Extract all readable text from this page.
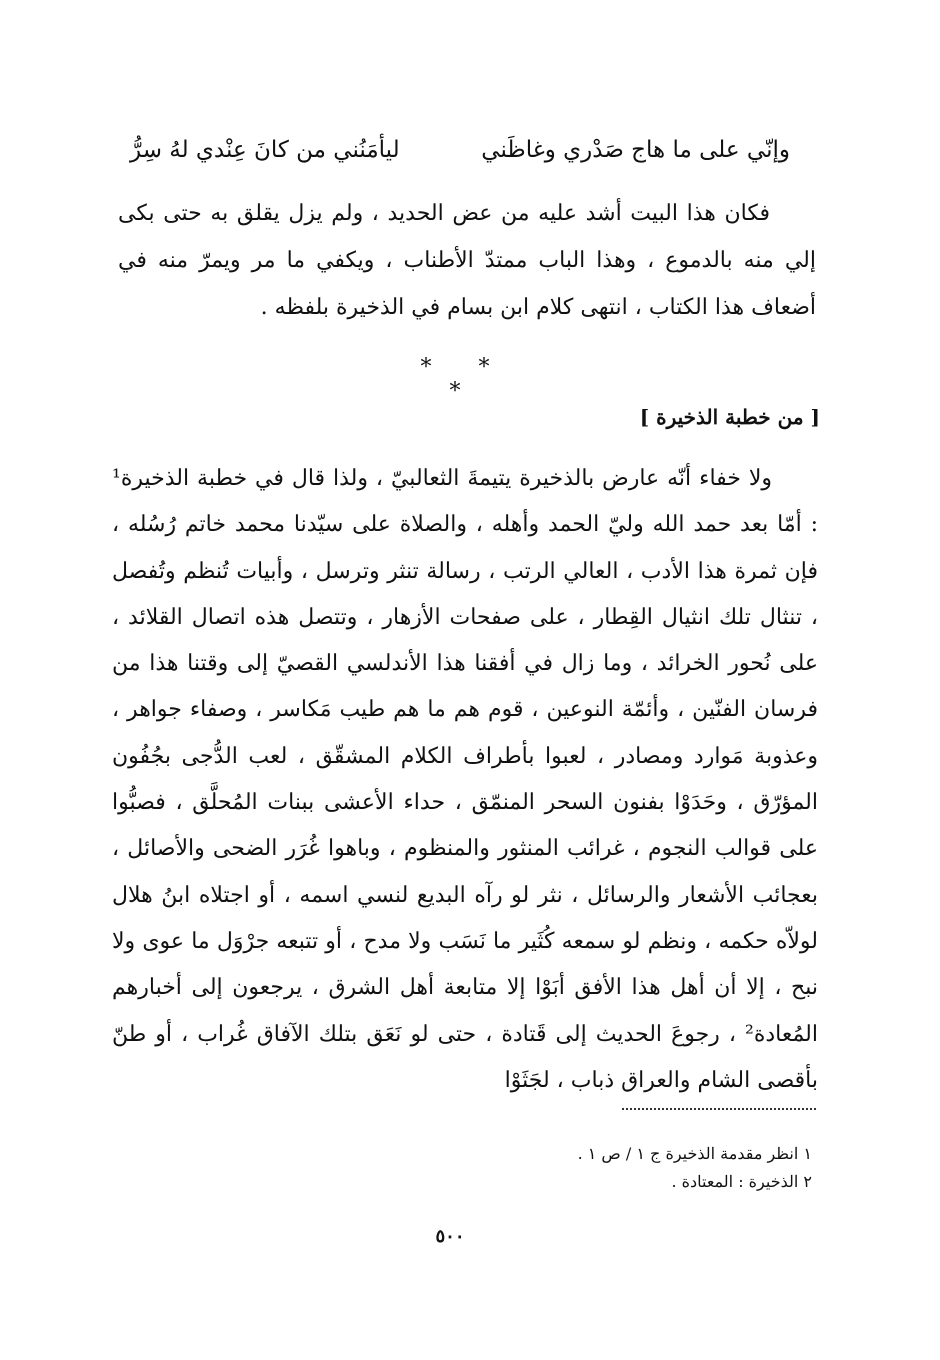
وإنّي على ما هاج صَدْري وغاظَني
ليأمَنُني من كانَ عِنْدي لهُ سِرُّ

فكان هذا البيت أشد عليه من عض الحديد ، ولم يزل يقلق به حتى بكى إلي منه بالدموع ، وهذا الباب ممتدّ الأطناب ، ويكفي ما مر ويمرّ منه في أضعاف هذا الكتاب ، انتهى كلام ابن بسام في الذخيرة بلفظه .

* * *
[ من خطبة الذخيرة ]

ولا خفاء أنّه عارض بالذخيرة يتيمةَ الثعالبيّ ، ولذا قال في خطبة الذخيرة¹ : أمّا بعد حمد الله وليّ الحمد وأهله ، والصلاة على سيّدنا محمد خاتم رُسُله ، فإن ثمرة هذا الأدب ، العالي الرتب ، رسالة تنثر وترسل ، وأبيات تُنظم وتُفصل ، تنثال تلك انثيال القِطار ، على صفحات الأزهار ، وتتصل هذه اتصال القلائد ، على نُحور الخرائد ، وما زال في أفقنا هذا الأندلسي القصيّ إلى وقتنا هذا من فرسان الفنّين ، وأئمّة النوعين ، قوم هم ما هم طيب مَكاسر ، وصفاء جواهر ، وعذوبة مَوارد ومصادر ، لعبوا بأطراف الكلام المشقّق ، لعب الدُّجى بجُفُون المؤرّق ، وحَدَوْا بفنون السحر المنمّق ، حداء الأعشى ببنات المُحلَّق ، فصبُّوا على قوالب النجوم ، غرائب المنثور والمنظوم ، وباهوا غُرَر الضحى والأصائل ، بعجائب الأشعار والرسائل ، نثر لو رآه البديع لنسي اسمه ، أو اجتلاه ابنُ هلال لولاّه حكمه ، ونظم لو سمعه كُثَير ما نَسَب ولا مدح ، أو تتبعه جرْوَل ما عوى ولا نبح ، إلا أن أهل هذا الأفق أبَوْا إلا متابعة أهل الشرق ، يرجعون إلى أخبارهم المُعادة² ، رجوعَ الحديث إلى قَتادة ، حتى لو نَعَق بتلك الآفاق غُراب ، أو طنّ بأقصى الشام والعراق ذباب ، لجَثَوْا

١ انظر مقدمة الذخيرة ج ١ / ص ١ .

٢ الذخيرة : المعتادة .

٥٠٠
